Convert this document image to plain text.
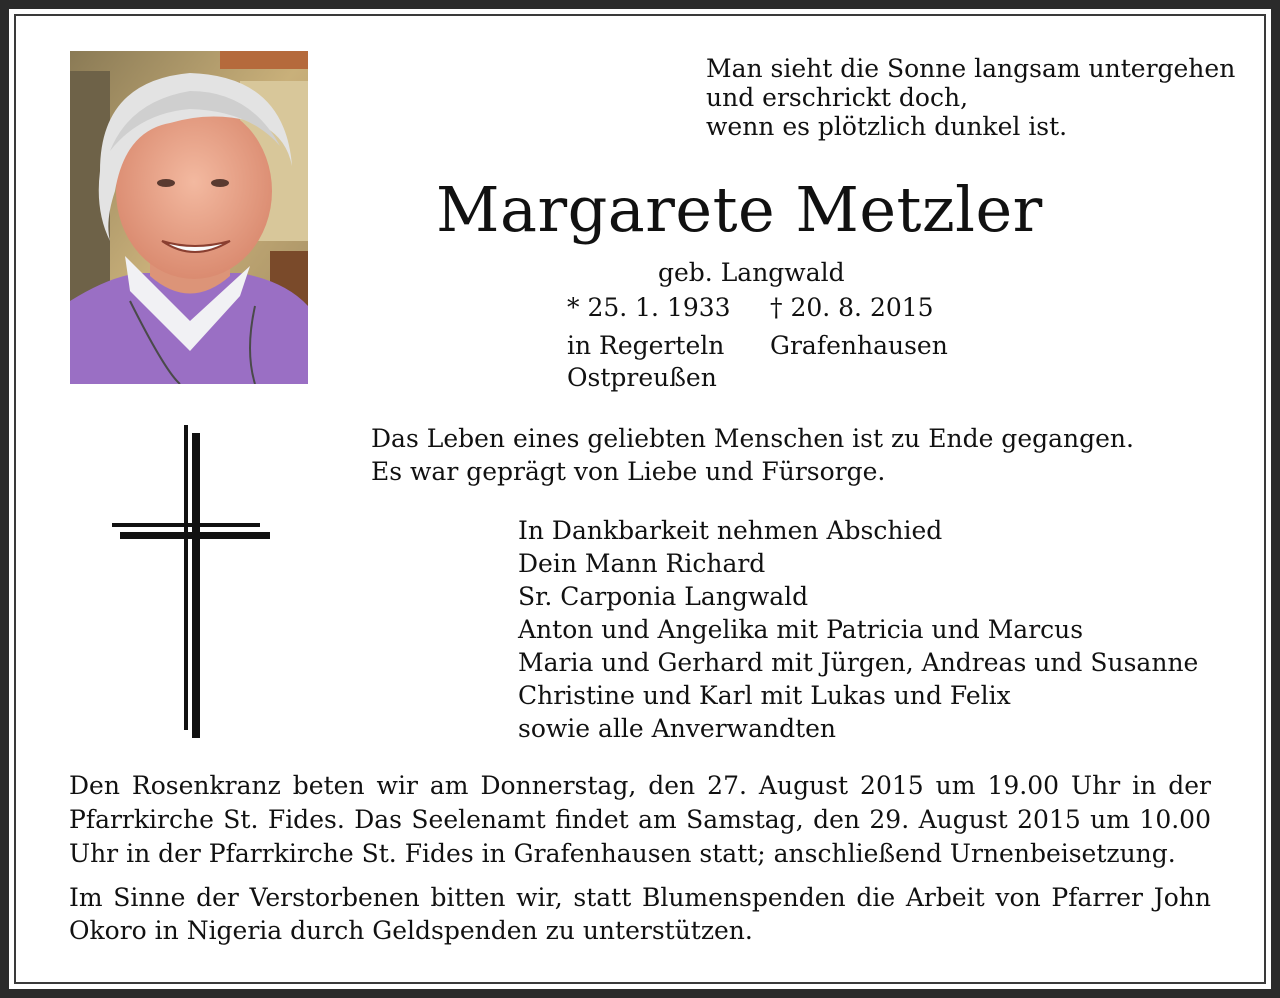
Man sieht die Sonne langsam untergehen
und erschrickt doch,
wenn es plötzlich dunkel ist.
Margarete Metzler
geb. Langwald
* 25. 1. 1933 † 20. 8. 2015
in Regerteln
Ostpreußen
Grafenhausen
Das Leben eines geliebten Menschen ist zu Ende gegangen.
Es war geprägt von Liebe und Fürsorge.
In Dankbarkeit nehmen Abschied
Dein Mann Richard
Sr. Carponia Langwald
Anton und Angelika mit Patricia und Marcus
Maria und Gerhard mit Jürgen, Andreas und Susanne
Christine und Karl mit Lukas und Felix
sowie alle Anverwandten
Den Rosenkranz beten wir am Donnerstag, den 27. August 2015 um 19.00 Uhr in der Pfarrkirche St. Fides. Das Seelenamt findet am Samstag, den 29. August 2015 um 10.00 Uhr in der Pfarrkirche St. Fides in Grafenhausen statt; anschließend Urnenbeisetzung.
Im Sinne der Verstorbenen bitten wir, statt Blumenspenden die Arbeit von Pfarrer John Okoro in Nigeria durch Geldspenden zu unterstützen.
